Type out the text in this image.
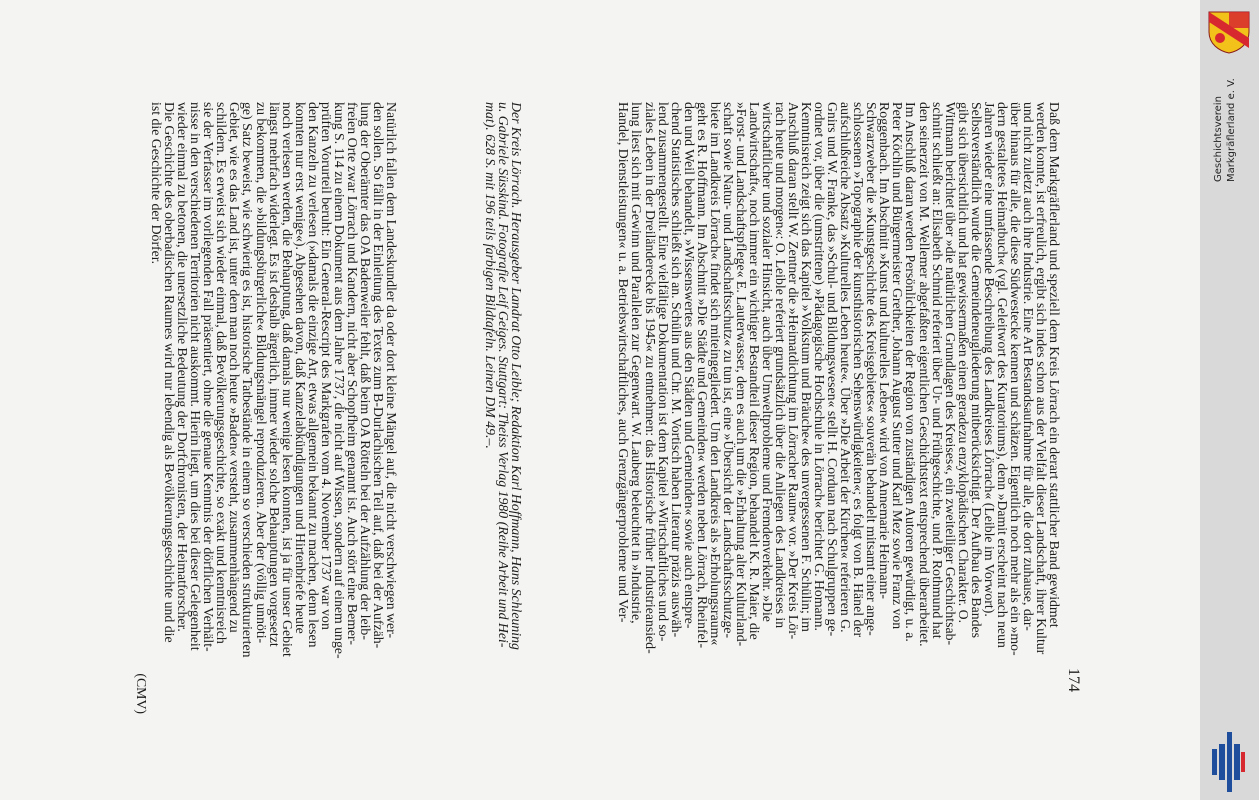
Natürlich fallen dem Landeskundler da oder dort kleine Mängel auf, die nicht verschwiegen wer-
den sollen. So fällt in der Einleitung des Textes zum B-Durlachischen Teil auf, daß bei der Aufzäh-
lung der Oberämter das OA Badenweiler fehlt, daß beim OA Rötteln bei der Aufzählung der leib-
freien Orte zwar Lörrach und Kandern, nicht aber Schopfheim genannt ist. Auch stört eine Bemer-
kung S. 114 zu einem Dokument aus dem Jahre 1737, die nicht auf Wissen, sondern auf einem unge-
prüften Vorurteil beruht: Ein General-Rescript des Markgrafen vom 4. November 1737 war von
den Kanzeln zu verlesen (»damals die einzige Art, etwas allgemein bekannt zu machen, denn lesen
konnten nur erst wenige«). Abgesehen davon, daß Kanzelabkündigungen und Hirtenbriefe heute
noch verlesen werden, die Behauptung, daß damals nur wenige lesen konnten, ist ja für unser Gebiet
längst mehrfach widerlegt. Es ist deshalb ärgerlich, immer wieder solche Behauptungen vorgesetzt
zu bekommen, die »bildungsbürgerliche« Bildungsmängel reproduzieren. Aber der (völlig unnöti-
ge) Satz beweist, wie schwierig es ist, historische Tatbestände in einem so verschieden strukturierten
Gebiet, wie es das Land ist, unter dem man noch heute »Baden« versteht, zusammenhängend zu
schildern. Es erweist sich wieder einmal, daß Bevölkerungsgeschichte, so exakt und kenntnisreich
sie der Verfasser im vorliegenden Fall präsentiert, ohne die genaue Kenntnis der dörflichen Verhält-
nisse in den verschiedenen Territorien nicht auskommt. Hierin liegt, um dies bei dieser Gelegenheit
wieder einmal zu betonen, die unersetzliche Bedeutung der Dorfchronisten, der Heimatforscher.
Die Geschichte des oberbadischen Raumes wird nur lebendig als Bevölkerungsgeschichte und die
ist die Geschichte der Dörfer.
(CMV)
Der Kreis Lörrach. Herausgeber Landrat Otto Leible; Redaktion Karl Hoffmann, Hans Schleuning
u. Gabriele Süsskind. Fotografie Leif Geiges. Stuttgart: Theiss Verlag 1980 (Reihe Arbeit und Hei-
mat). 628 S. mit 196 teils farbigen Bildtafeln. Leinen DM 49.–.	Daß dem Markgräflerland und speziell dem Kreis Lörrach ein derart stattlicher Band gewidmet
werden konnte, ist erfreulich, ergibt sich indes schon aus der Vielfalt dieser Landschaft, ihrer Kultur
und nicht zuletzt auch ihre Industrie. Eine Art Bestandsaufnahme für alle, die dort zuhause, dar-
über hinaus für alle, die diese Südwestecke kennen und schätzen. Eigentlich noch mehr als ein »mo-
dern gestaltetes Heimatbuch« (vgl. Geleitwort des Kuratoriums), denn »Damit erscheint nach neun
Jahren wieder eine umfassende Beschreibung des Landkreises Lörrach« (Leible im Vorwort).
Selbstverständlich wurde die Gemeindeneugliederung mitberücksichtigt. Der Aufbau des Bandes
gibt sich übersichtlich und hat gewissermaßen einen geradezu enzyklopädischen Charakter. O.
Wittmann berichtet über »die natürlichen Grundlagen des Kreises«, ein zweiteiliger Geschichtsab-
schnitt schließt an: Elisabeth Schmid referiert über Ur- und Frühgeschichte, und P. Rothmund hat
den seinerzeit von M. Wellemer abgefaßten eigentlichen Geschichtstext entsprechend überarbeitet.
Im Anschluß daran werden Persönlichkeiten der Region von zuständigen Autoren gewürdigt, u. a.
Peter Köchlin und Bürgermeister Grether, Johann August Sutter und Karl Mez sowie Franz von
Roggenbach. Im Abschnitt »Kunst und kulturelles Leben« wird von Annemarie Heimann-
Schwarzweber die »Kunstgeschichte des Kreisgebietes« souverän behandelt mitsamt einer ange-
schlossenen »Topographie der kunsthistorischen Sehenswürdigkeiten«; es folgt von B. Hänel der
aufschlußreiche Absatz »Kulturelles Leben heute«. Über »Die Arbeit der Kirchen« referieren G.
Gnirs und W. Franke, das »Schul- und Bildungswesen« stellt H. Corduan nach Schulgruppen ge-
ordnet vor, über die (umstrittene) »Pädagogische Hochschule in Lörrach« berichtet G. Homann.
Kenntnisreich zeigt sich das Kapitel »Volkstum und Bräuche« des unvergessenen F. Schülin; im
Anschluß daran stellt W. Zentner die »Heimatdichtung im Lörracher Raum« vor. »Der Kreis Lör-
rach heute und morgen«: O. Leible referiert grundsätzlich über die Anliegen des Landkreises in
wirtschaftlicher und sozialer Hinsicht, auch über Umweltprobleme und Fremdenverkehr. »Die
Landwirtschaft«, noch immer ein wichtiger Bestandteil dieser Region, behandelt K. R. Maier, die
»Forst- und Landschaftspflege« E. Lauterwasser, dem es auch um die »Erhaltung alter Kulturland-
schaft sowie Natur- und Landschaftsschutz« zu tun ist, eine »Übersicht der Landschaftsschutzge-
biete im Landkreis Lörrach« findet sich miteingegliedert. Um den Landkreis als »Erholungsraum«
geht es R. Hoffmann. Im Abschnitt »Die Städte und Gemeinden« werden neben Lörrach, Rheinfel-
den und Weil behandelt, »Wissenswertes aus den Städten und Gemeinden« sowie auch entspre-
chend Statistisches schließt sich an. Schülin und Chr. M. Vortisch haben Literatur präzis auswäh-
lend zusammengestellt. Eine vielfältige Dokumentation ist dem Kapitel »Wirtschaftliches und so-
ziales Leben in der Dreiländerecke bis 1945« zu entnehmen: das Historische früher Industrieansied-
lung liest sich mit Gewinn und Parallelen zur Gegenwart. W. Lauberg beleuchtet in »Industrie,
Handel, Dienstleistungen« u. a. Betriebswirtschaftliches, auch Grenzgängerprobleme und Ver-
174
Geschichtsverein Markgräflerland e. V.
